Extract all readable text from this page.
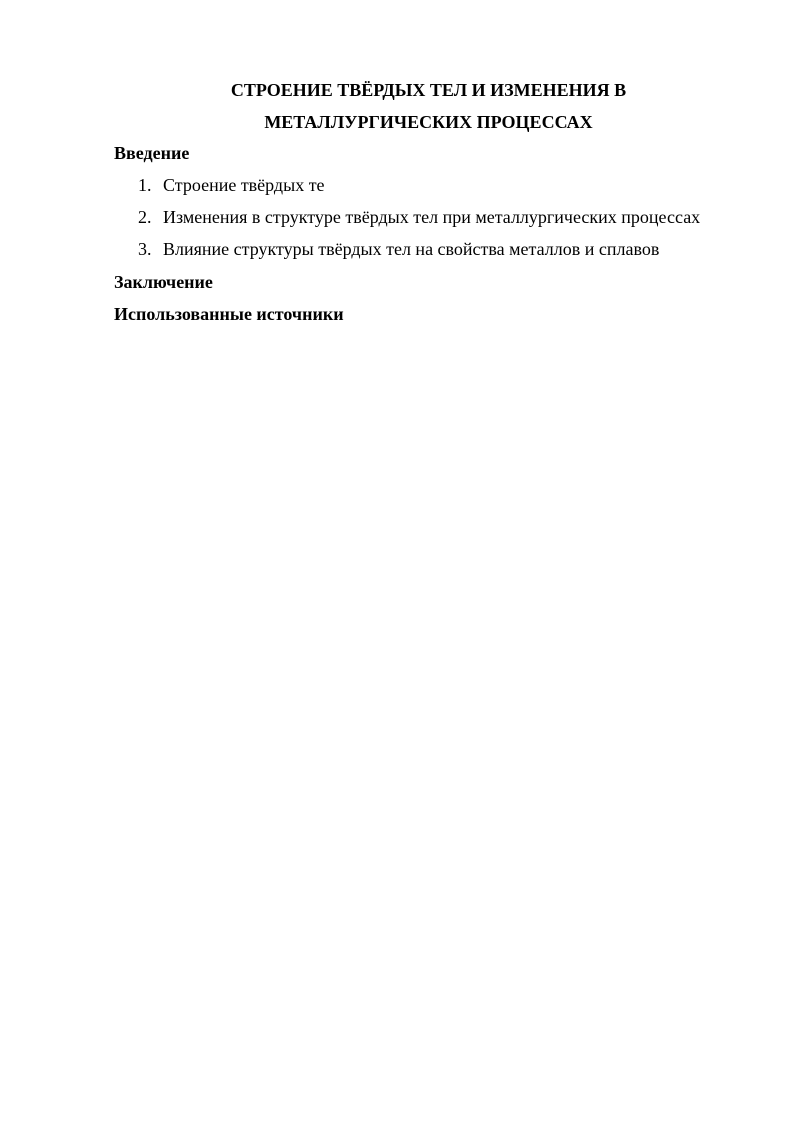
СТРОЕНИЕ ТВЁРДЫХ ТЕЛ И ИЗМЕНЕНИЯ В
МЕТАЛЛУРГИЧЕСКИХ ПРОЦЕССАХ
Введение
1. Строение твёрдых те
2. Изменения в структуре твёрдых тел при металлургических процессах
3. Влияние структуры твёрдых тел на свойства металлов и сплавов
Заключение
Использованные источники
